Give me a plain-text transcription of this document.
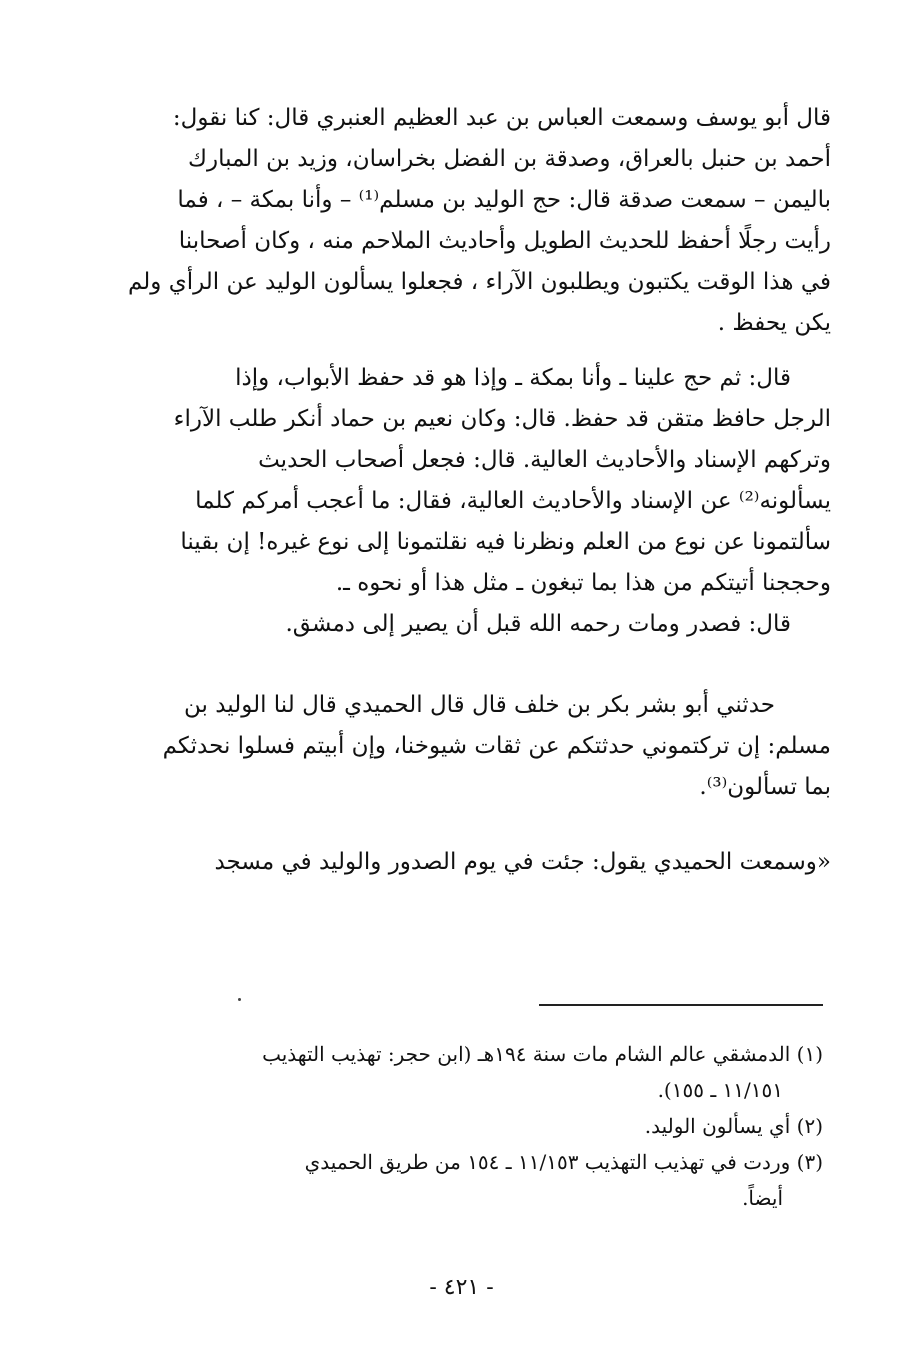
قال أبو يوسف وسمعت العباس بن عبد العظيم العنبري قال: كنا نقول:
أحمد بن حنبل بالعراق، وصدقة بن الفضل بخراسان، وزيد بن المبارك
باليمن – سمعت صدقة قال: حج الوليد بن مسلم⁽¹⁾ – وأنا بمكة – ، فما
رأيت رجلًا أحفظ للحديث الطويل وأحاديث الملاحم منه ، وكان أصحابنا
في هذا الوقت يكتبون ويطلبون الآراء ، فجعلوا يسألون الوليد عن الرأي ولم
يكن يحفظ .

قال: ثم حج علينا ـ وأنا بمكة ـ وإذا هو قد حفظ الأبواب، وإذا
الرجل حافظ متقن قد حفظ. قال: وكان نعيم بن حماد أنكر طلب الآراء
وتركهم الإسناد والأحاديث العالية. قال: فجعل أصحاب الحديث
يسألونه⁽²⁾ عن الإسناد والأحاديث العالية، فقال: ما أعجب أمركم كلما
سألتمونا عن نوع من العلم ونظرنا فيه نقلتمونا إلى نوع غيره! إن بقينا
وحججنا أتيتكم من هذا بما تبغون ـ مثل هذا أو نحوه ـ.

قال: فصدر ومات رحمه الله قبل أن يصير إلى دمشق.

حدثني أبو بشر بكر بن خلف قال قال الحميدي قال لنا الوليد بن
مسلم: إن تركتموني حدثتكم عن ثقات شيوخنا، وإن أبيتم فسلوا نحدثكم
بما تسألون⁽³⁾.

«وسمعت الحميدي يقول: جئت في يوم الصدور والوليد في مسجد

(١) الدمشقي عالم الشام مات سنة ١٩٤هـ (ابن حجر: تهذيب التهذيب
١١/١٥١ ـ ١٥٥).

(٢) أي يسألون الوليد.

(٣) وردت في تهذيب التهذيب ١١/١٥٣ ـ ١٥٤ من طريق الحميدي
أيضاً.

- ٤٢١ -
